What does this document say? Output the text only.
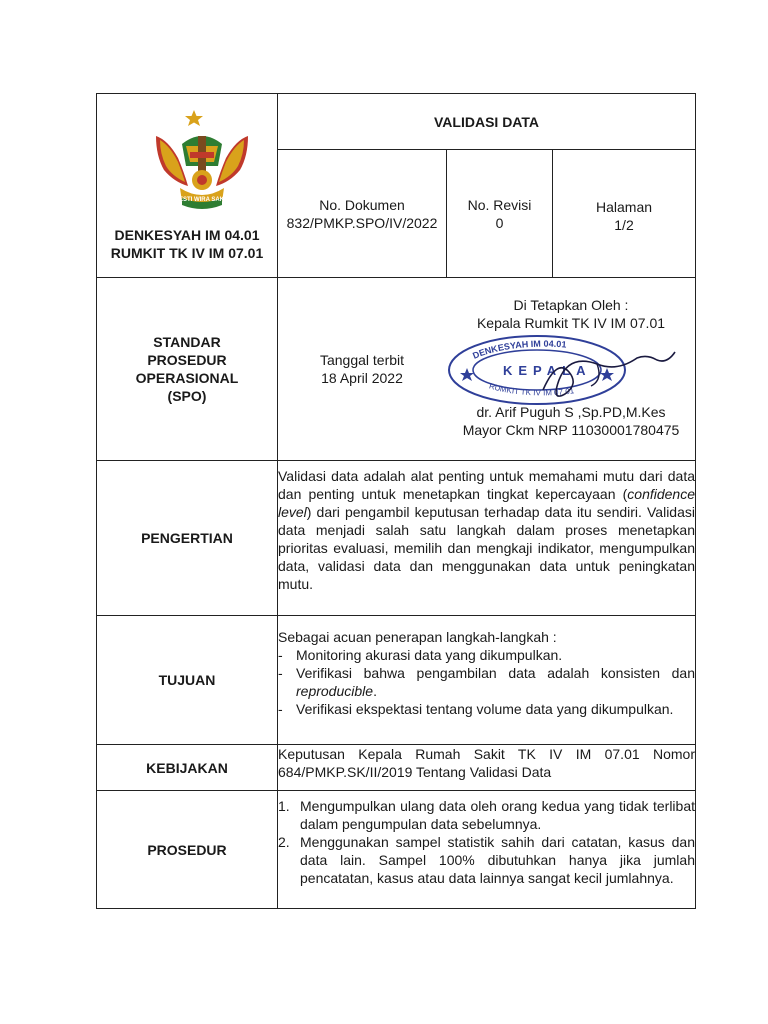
HESTI WIRA SAKTI
DENKESYAH IM 04.01
RUMKIT TK IV IM 07.01
VALIDASI DATA
No. Dokumen
832/PMKP.SPO/IV/2022
No. Revisi
0
Halaman
1/2
STANDAR
PROSEDUR
OPERASIONAL
(SPO)
Tanggal terbit
18 April 2022
Di Tetapkan Oleh :
Kepala Rumkit TK IV IM 07.01
DENKESYAH IM 04.01
KEPALA
RUMKIT TK IV IM 07.01
dr. Arif Puguh S ,Sp.PD,M.Kes
Mayor Ckm NRP 11030001780475
PENGERTIAN

Validasi data adalah alat penting untuk memahami mutu dari data dan penting untuk menetapkan tingkat kepercayaan (confidence level) dari pengambil keputusan terhadap data itu sendiri. Validasi data menjadi salah satu langkah dalam proses menetapkan prioritas evaluasi, memilih dan mengkaji indikator, mengumpulkan data, validasi data dan menggunakan data untuk peningkatan mutu.

TUJUAN

Sebagai acuan penerapan langkah-langkah :

- Monitoring akurasi data yang dikumpulkan.
- Verifikasi bahwa pengambilan data adalah konsisten dan reproducible.
- Verifikasi ekspektasi tentang volume data yang dikumpulkan.
KEBIJAKAN
Keputusan Kepala Rumah Sakit TK IV IM 07.01 Nomor 684/PMKP.SK/II/2019 Tentang Validasi Data
PROSEDUR
1. Mengumpulkan ulang data oleh orang kedua yang tidak terlibat dalam pengumpulan data sebelumnya.
2. Menggunakan sampel statistik sahih dari catatan, kasus dan data lain. Sampel 100% dibutuhkan hanya jika jumlah pencatatan, kasus atau data lainnya sangat kecil jumlahnya.
